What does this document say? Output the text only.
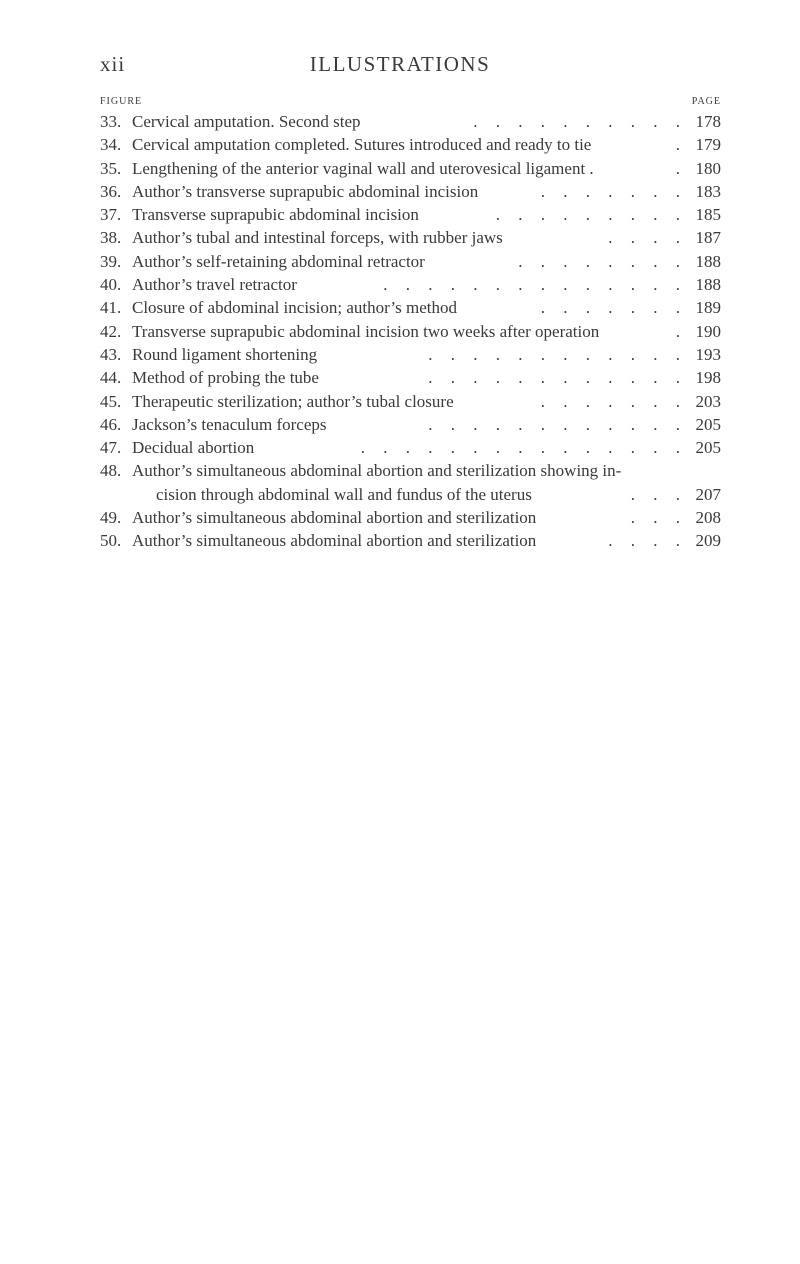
xii	ILLUSTRATIONS
FIGURE	PAGE
33. Cervical amputation. Second step	. . . . . . . . . . 178
34. Cervical amputation completed. Sutures introduced and ready to tie	. 179
35. Lengthening of the anterior vaginal wall and uterovesical ligament .	. 180
36. Author’s transverse suprapubic abdominal incision	. . . . . . . 183
37. Transverse suprapubic abdominal incision	. . . . . . . . . 185
38. Author’s tubal and intestinal forceps, with rubber jaws	. . . . 187
39. Author’s self-retaining abdominal retractor	. . . . . . . . 188
40. Author’s travel retractor	. . . . . . . . . . . . . . 188
41. Closure of abdominal incision; author’s method	. . . . . . . 189
42. Transverse suprapubic abdominal incision two weeks after operation	. 190
43. Round ligament shortening	. . . . . . . . . . . . 193
44. Method of probing the tube	. . . . . . . . . . . . 198
45. Therapeutic sterilization; author’s tubal closure	. . . . . . . 203
46. Jackson’s tenaculum forceps	. . . . . . . . . . . . 205
47. Decidual abortion	. . . . . . . . . . . . . . . 205
48. Author’s simultaneous abdominal abortion and sterilization showing in-
cision through abdominal wall and fundus of the uterus	. . . 207
49. Author’s simultaneous abdominal abortion and sterilization	. . . 208
50. Author’s simultaneous abdominal abortion and sterilization	. . . . 209
